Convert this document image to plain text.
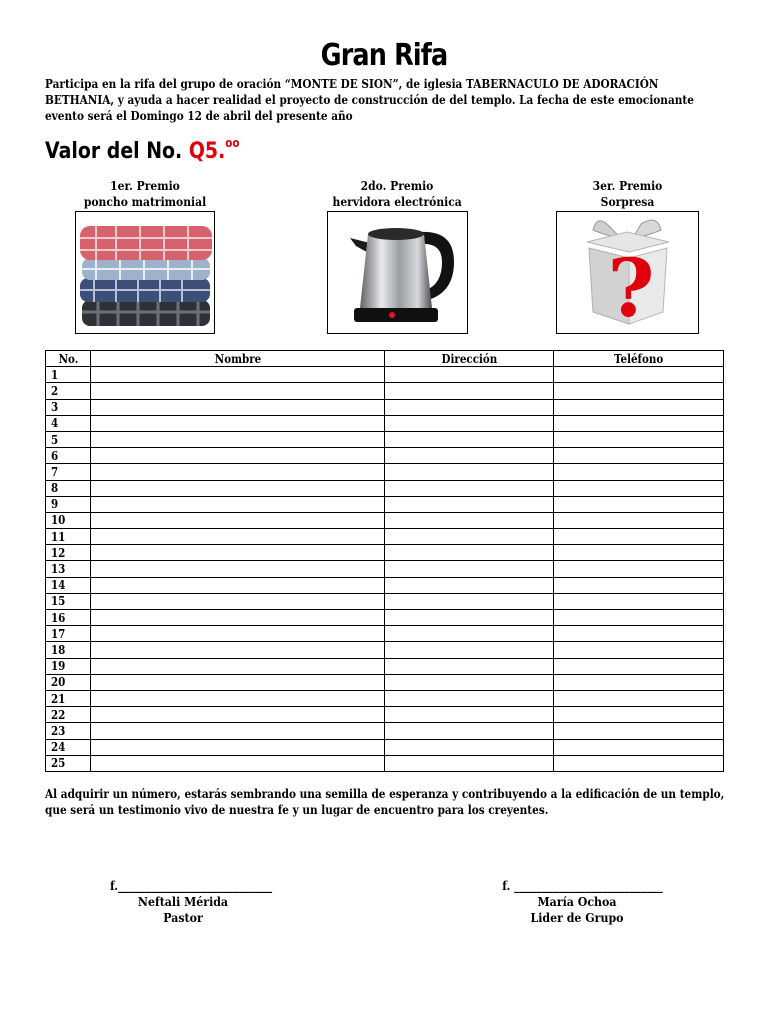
Gran Rifa
Participa en la rifa del grupo de oración “MONTE DE SION”, de iglesia TABERNACULO DE ADORACIÓN BETHANIA, y ayuda a hacer realidad el proyecto de construcción de del templo. La fecha de este emocionante evento será el Domingo 12 de abril del presente año
Valor del No. Q5.$^{oo}$
1er. Premio
poncho matrimonial
2do. Premio
hervidora electrónica
3er. Premio
Sorpresa
?
No.	Nombre	Dirección	Teléfono
1			
2			
3			
4			
5			
6			
7			
8			
9			
10			
11			
12			
13			
14			
15			
16			
17			
18			
19			
20			
21			
22			
23			
24			
25			
Al adquirir un número, estarás sembrando una semilla de esperanza y contribuyendo a la edificación de un templo, que será un testimonio vivo de nuestra fe y un lugar de encuentro para los creyentes.
f.____________________________
Neftali Mérida
Pastor
f. ___________________________
María Ochoa
Lider de Grupo
